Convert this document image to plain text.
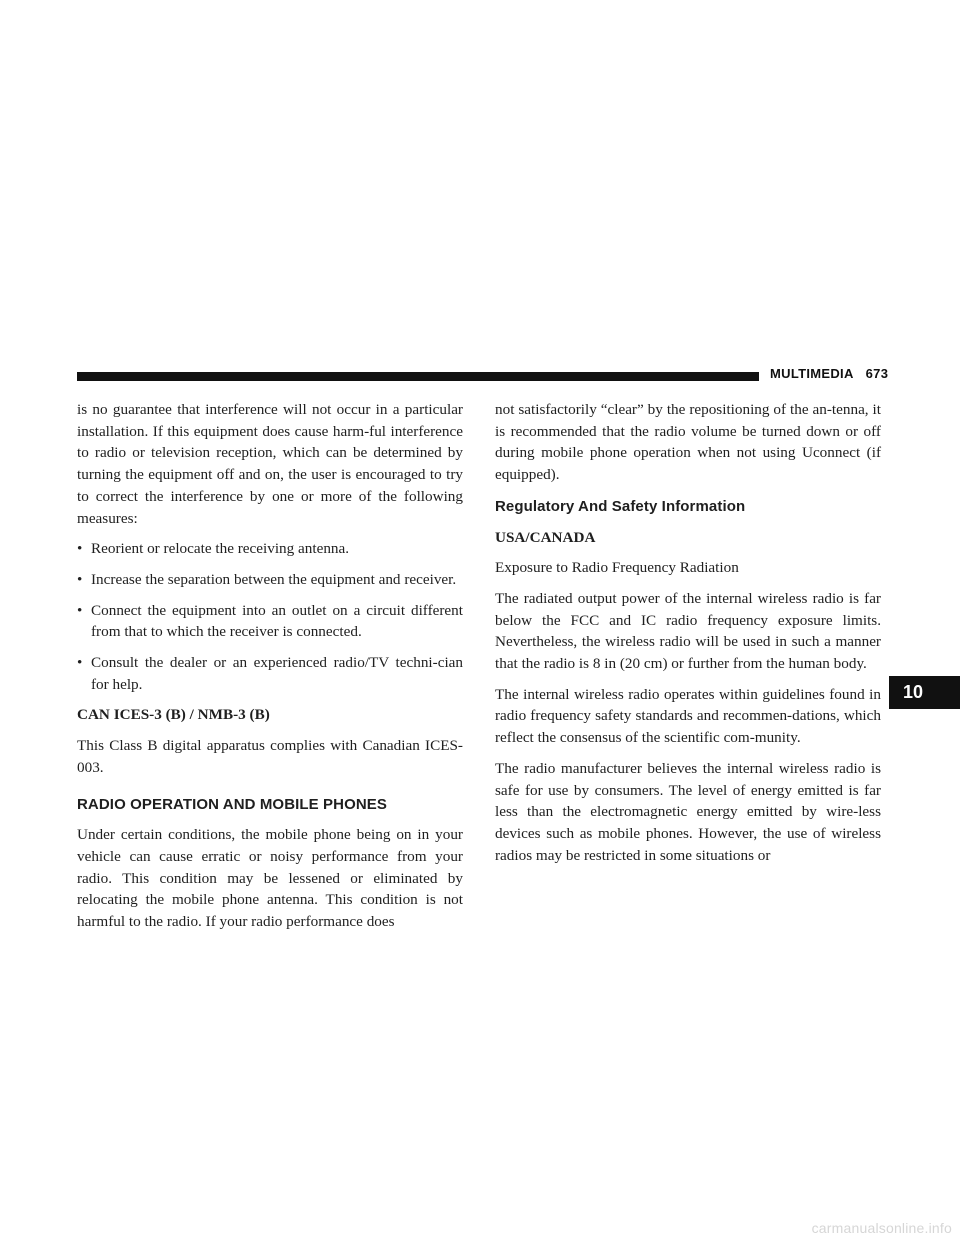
MULTIMEDIA 673
10

is no guarantee that interference will not occur in a particular installation. If this equipment does cause harm-ful interference to radio or television reception, which can be determined by turning the equipment off and on, the user is encouraged to try to correct the interference by one or more of the following measures:

• Reorient or relocate the receiving antenna.
• Increase the separation between the equipment and receiver.
• Connect the equipment into an outlet on a circuit different from that to which the receiver is connected.
• Consult the dealer or an experienced radio/TV techni-cian for help.
CAN ICES-3 (B) / NMB-3 (B)

This Class B digital apparatus complies with Canadian ICES-003.

RADIO OPERATION AND MOBILE PHONES

Under certain conditions, the mobile phone being on in your vehicle can cause erratic or noisy performance from your radio. This condition may be lessened or eliminated by relocating the mobile phone antenna. This condition is not harmful to the radio. If your radio performance does

not satisfactorily “clear” by the repositioning of the an-tenna, it is recommended that the radio volume be turned down or off during mobile phone operation when not using Uconnect (if equipped).

Regulatory And Safety Information
USA/CANADA

Exposure to Radio Frequency Radiation

The radiated output power of the internal wireless radio is far below the FCC and IC radio frequency exposure limits. Nevertheless, the wireless radio will be used in such a manner that the radio is 8 in (20 cm) or further from the human body.

The internal wireless radio operates within guidelines found in radio frequency safety standards and recommen-dations, which reflect the consensus of the scientific com-munity.

The radio manufacturer believes the internal wireless radio is safe for use by consumers. The level of energy emitted is far less than the electromagnetic energy emitted by wire-less devices such as mobile phones. However, the use of wireless radios may be restricted in some situations or

carmanualsonline.info
